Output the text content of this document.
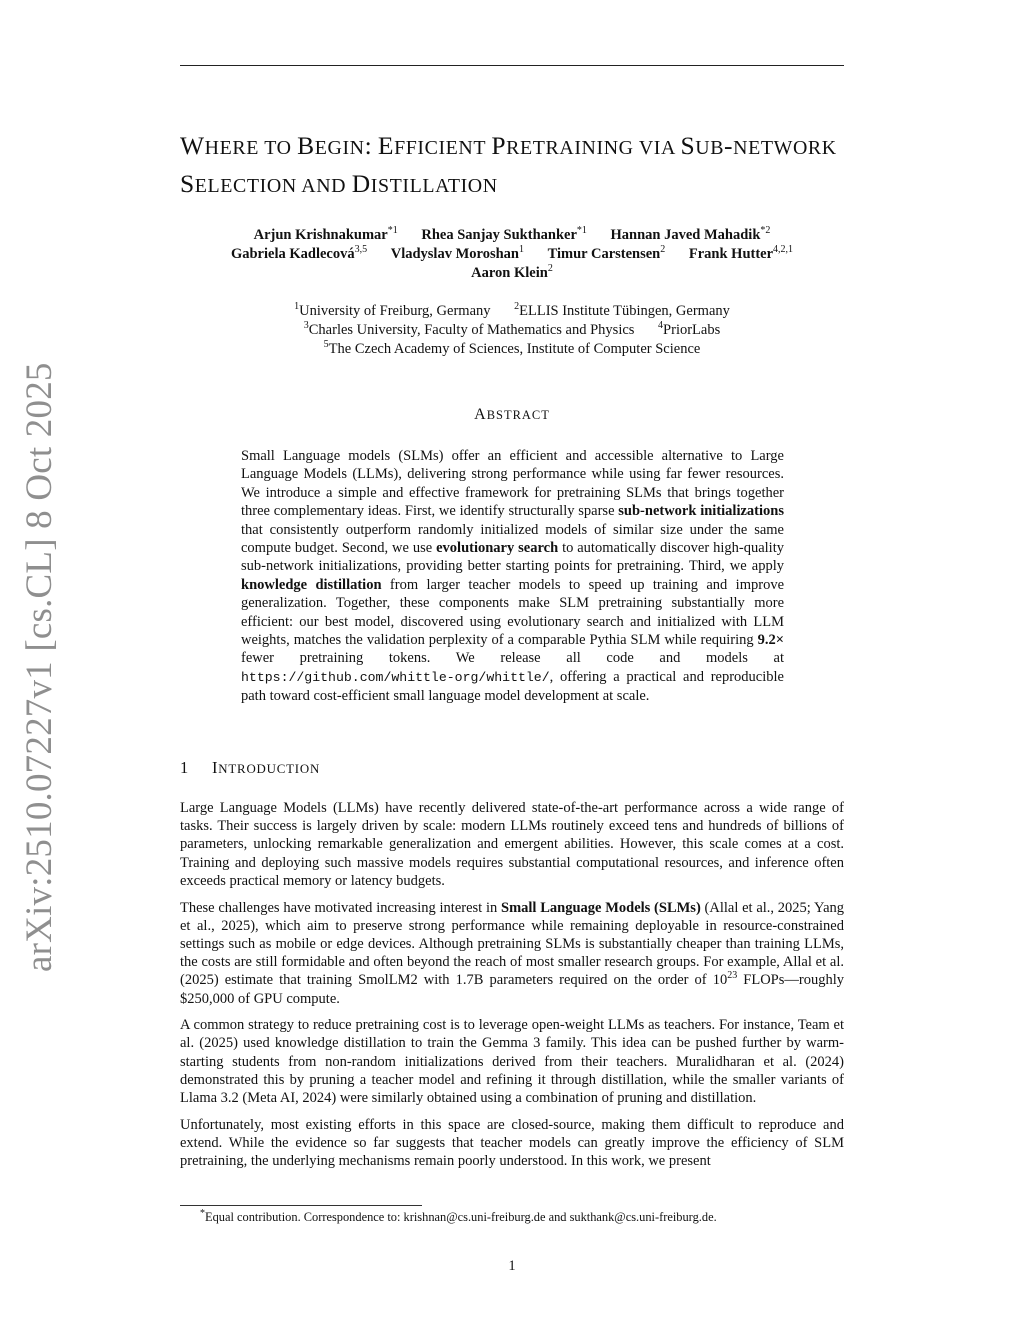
arXiv:2510.07227v1 [cs.CL] 8 Oct 2025
WHERE TO BEGIN: EFFICIENT PRETRAINING VIA SUB-NETWORK SELECTION AND DISTILLATION
Arjun Krishnakumar$^{*1}$ Rhea Sanjay Sukthanker$^{*1}$ Hannan Javed Mahadik$^{*2}$
Gabriela Kadlecová$^{3,5}$ Vladyslav Moroshan$^1$ Timur Carstensen$^2$ Frank Hutter$^{4,2,1}$
Aaron Klein$^2$
$^1$University of Freiburg, Germany $^2$ELLIS Institute Tübingen, Germany
$^3$Charles University, Faculty of Mathematics and Physics $^4$PriorLabs
$^5$The Czech Academy of Sciences, Institute of Computer Science
ABSTRACT
Small Language models (SLMs) offer an efficient and accessible alternative to Large Language Models (LLMs), delivering strong performance while using far fewer resources. We introduce a simple and effective framework for pretraining SLMs that brings together three complementary ideas. First, we identify structurally sparse sub-network initializations that consistently outperform randomly initialized models of similar size under the same compute budget. Second, we use evolutionary search to automatically discover high-quality sub-network initializations, providing better starting points for pretraining. Third, we apply knowledge distillation from larger teacher models to speed up training and improve generalization. Together, these components make SLM pretraining substantially more efficient: our best model, discovered using evolutionary search and initialized with LLM weights, matches the validation perplexity of a comparable Pythia SLM while requiring 9.2× fewer pretraining tokens. We release all code and models at https://github.com/whittle-org/whittle/, offering a practical and reproducible path toward cost-efficient small language model development at scale.
1 INTRODUCTION

Large Language Models (LLMs) have recently delivered state-of-the-art performance across a wide range of tasks. Their success is largely driven by scale: modern LLMs routinely exceed tens and hundreds of billions of parameters, unlocking remarkable generalization and emergent abilities. However, this scale comes at a cost. Training and deploying such massive models requires substantial computational resources, and inference often exceeds practical memory or latency budgets.

These challenges have motivated increasing interest in Small Language Models (SLMs) (Allal et al., 2025; Yang et al., 2025), which aim to preserve strong performance while remaining deployable in resource-constrained settings such as mobile or edge devices. Although pretraining SLMs is substantially cheaper than training LLMs, the costs are still formidable and often beyond the reach of most smaller research groups. For example, Allal et al. (2025) estimate that training SmolLM2 with 1.7B parameters required on the order of $10^{23}$ FLOPs—roughly $250,000 of GPU compute.

A common strategy to reduce pretraining cost is to leverage open-weight LLMs as teachers. For instance, Team et al. (2025) used knowledge distillation to train the Gemma 3 family. This idea can be pushed further by warm-starting students from non-random initializations derived from their teachers. Muralidharan et al. (2024) demonstrated this by pruning a teacher model and refining it through distillation, while the smaller variants of Llama 3.2 (Meta AI, 2024) were similarly obtained using a combination of pruning and distillation.

Unfortunately, most existing efforts in this space are closed-source, making them difficult to reproduce and extend. While the evidence so far suggests that teacher models can greatly improve the efficiency of SLM pretraining, the underlying mechanisms remain poorly understood. In this work, we present

*Equal contribution. Correspondence to: krishnan@cs.uni-freiburg.de and sukthank@cs.uni-freiburg.de.
1
